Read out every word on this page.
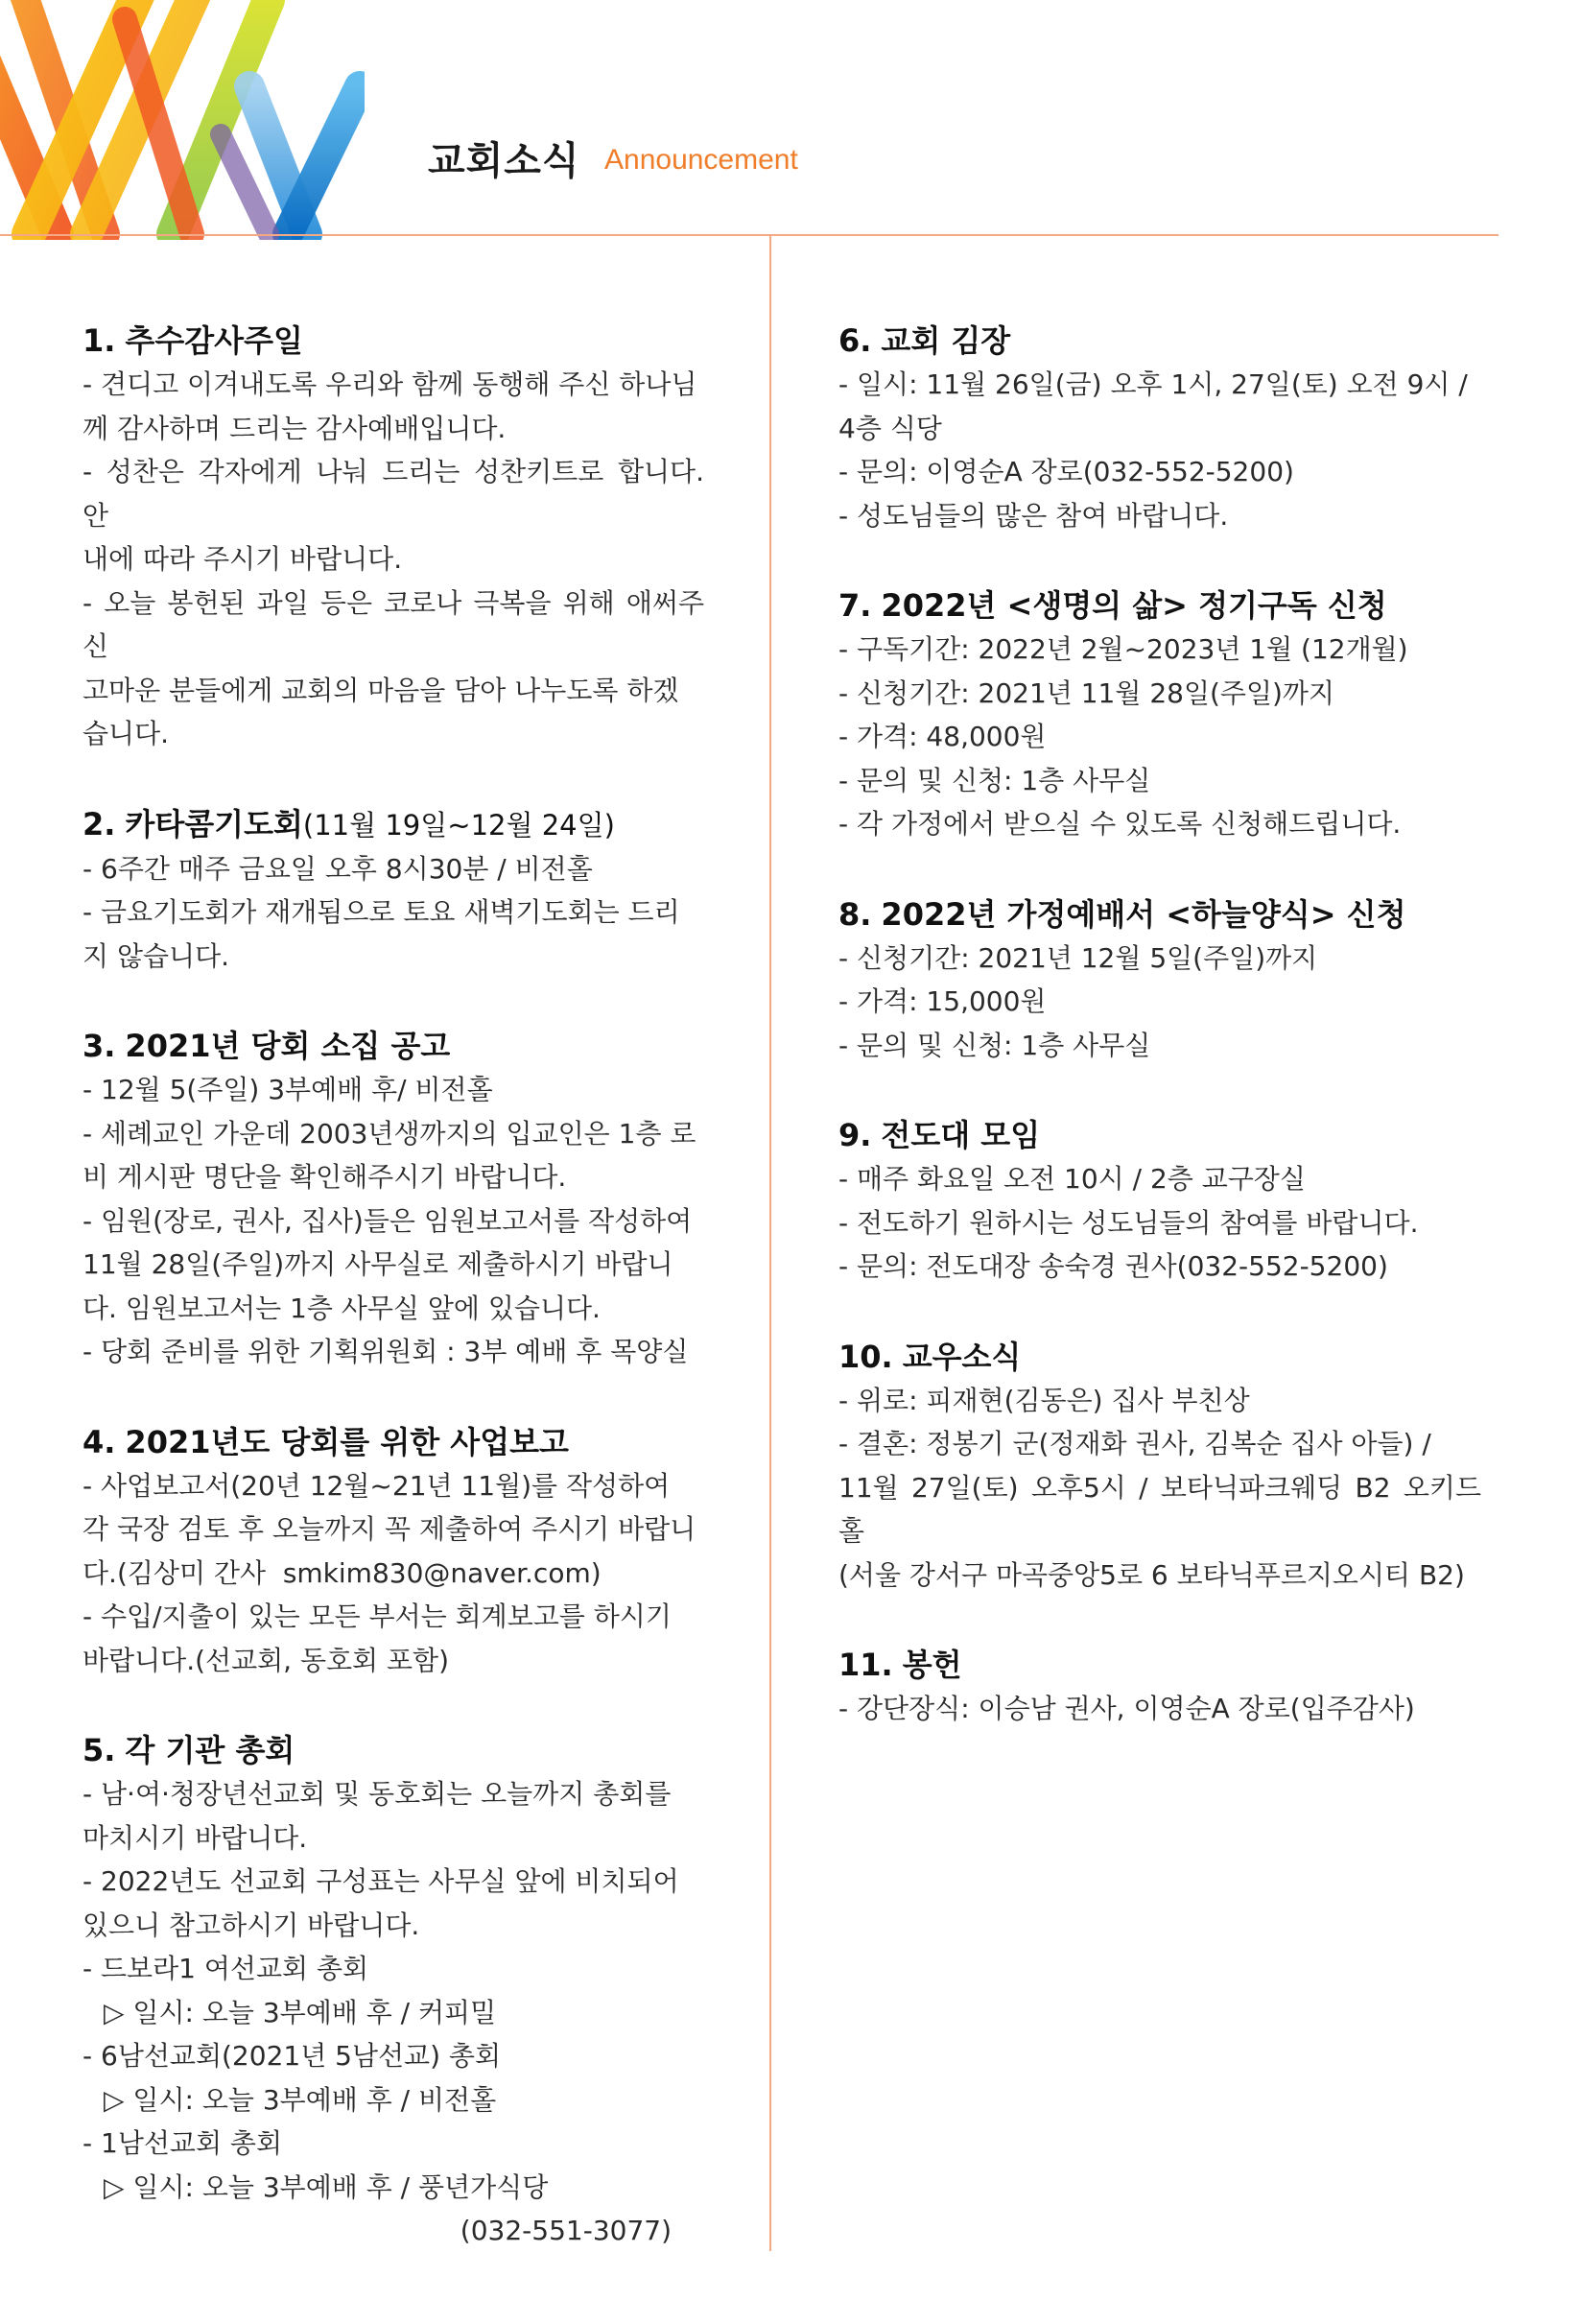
교회소식 Announcement
1. 추수감사주일

- 견디고 이겨내도록 우리와 함께 동행해 주신 하나님

께 감사하며 드리는 감사예배입니다.

- 성찬은 각자에게 나눠 드리는 성찬키트로 합니다. 안

내에 따라 주시기 바랍니다.

- 오늘 봉헌된 과일 등은 코로나 극복을 위해 애써주신

고마운 분들에게 교회의 마음을 담아 나누도록 하겠

습니다.

2. 카타콤기도회(11월 19일~12월 24일)

- 6주간 매주 금요일 오후 8시30분 / 비전홀

- 금요기도회가 재개됨으로 토요 새벽기도회는 드리

지 않습니다.

3. 2021년 당회 소집 공고

- 12월 5(주일) 3부예배 후/ 비전홀

- 세례교인 가운데 2003년생까지의 입교인은 1층 로

비 게시판 명단을 확인해주시기 바랍니다.

- 임원(장로, 권사, 집사)들은 임원보고서를 작성하여

11월 28일(주일)까지 사무실로 제출하시기 바랍니

다. 임원보고서는 1층 사무실 앞에 있습니다.

- 당회 준비를 위한 기획위원회 : 3부 예배 후 목양실

4. 2021년도 당회를 위한 사업보고

- 사업보고서(20년 12월~21년 11월)를 작성하여

각 국장 검토 후 오늘까지 꼭 제출하여 주시기 바랍니

다.(김상미 간사  smkim830@naver.com)

- 수입/지출이 있는 모든 부서는 회계보고를 하시기

바랍니다.(선교회, 동호회 포함)

5. 각 기관 총회

- 남·여·청장년선교회 및 동호회는 오늘까지 총회를

마치시기 바랍니다.

- 2022년도 선교회 구성표는 사무실 앞에 비치되어

있으니 참고하시기 바랍니다.

- 드보라1 여선교회 총회

▷ 일시: 오늘 3부예배 후 / 커피밀

- 6남선교회(2021년 5남선교) 총회

▷ 일시: 오늘 3부예배 후 / 비전홀

- 1남선교회 총회

▷ 일시: 오늘 3부예배 후 / 풍년가식당

(032-551-3077)

6. 교회 김장

- 일시: 11월 26일(금) 오후 1시, 27일(토) 오전 9시 /

4층 식당

- 문의: 이영순A 장로(032-552-5200)

- 성도님들의 많은 참여 바랍니다.

7. 2022년 <생명의 삶> 정기구독 신청

- 구독기간: 2022년 2월~2023년 1월 (12개월)

- 신청기간: 2021년 11월 28일(주일)까지

- 가격: 48,000원

- 문의 및 신청: 1층 사무실

- 각 가정에서 받으실 수 있도록 신청해드립니다.

8. 2022년 가정예배서 <하늘양식> 신청

- 신청기간: 2021년 12월 5일(주일)까지

- 가격: 15,000원

- 문의 및 신청: 1층 사무실

9. 전도대 모임

- 매주 화요일 오전 10시 / 2층 교구장실

- 전도하기 원하시는 성도님들의 참여를 바랍니다.

- 문의: 전도대장 송숙경 권사(032-552-5200)

10. 교우소식

- 위로: 피재현(김동은) 집사 부친상

- 결혼: 정봉기 군(정재화 권사, 김복순 집사 아들) /

11월 27일(토) 오후5시 / 보타닉파크웨딩 B2 오키드홀

(서울 강서구 마곡중앙5로 6 보타닉푸르지오시티 B2)

11. 봉헌

- 강단장식: 이승남 권사, 이영순A 장로(입주감사)
